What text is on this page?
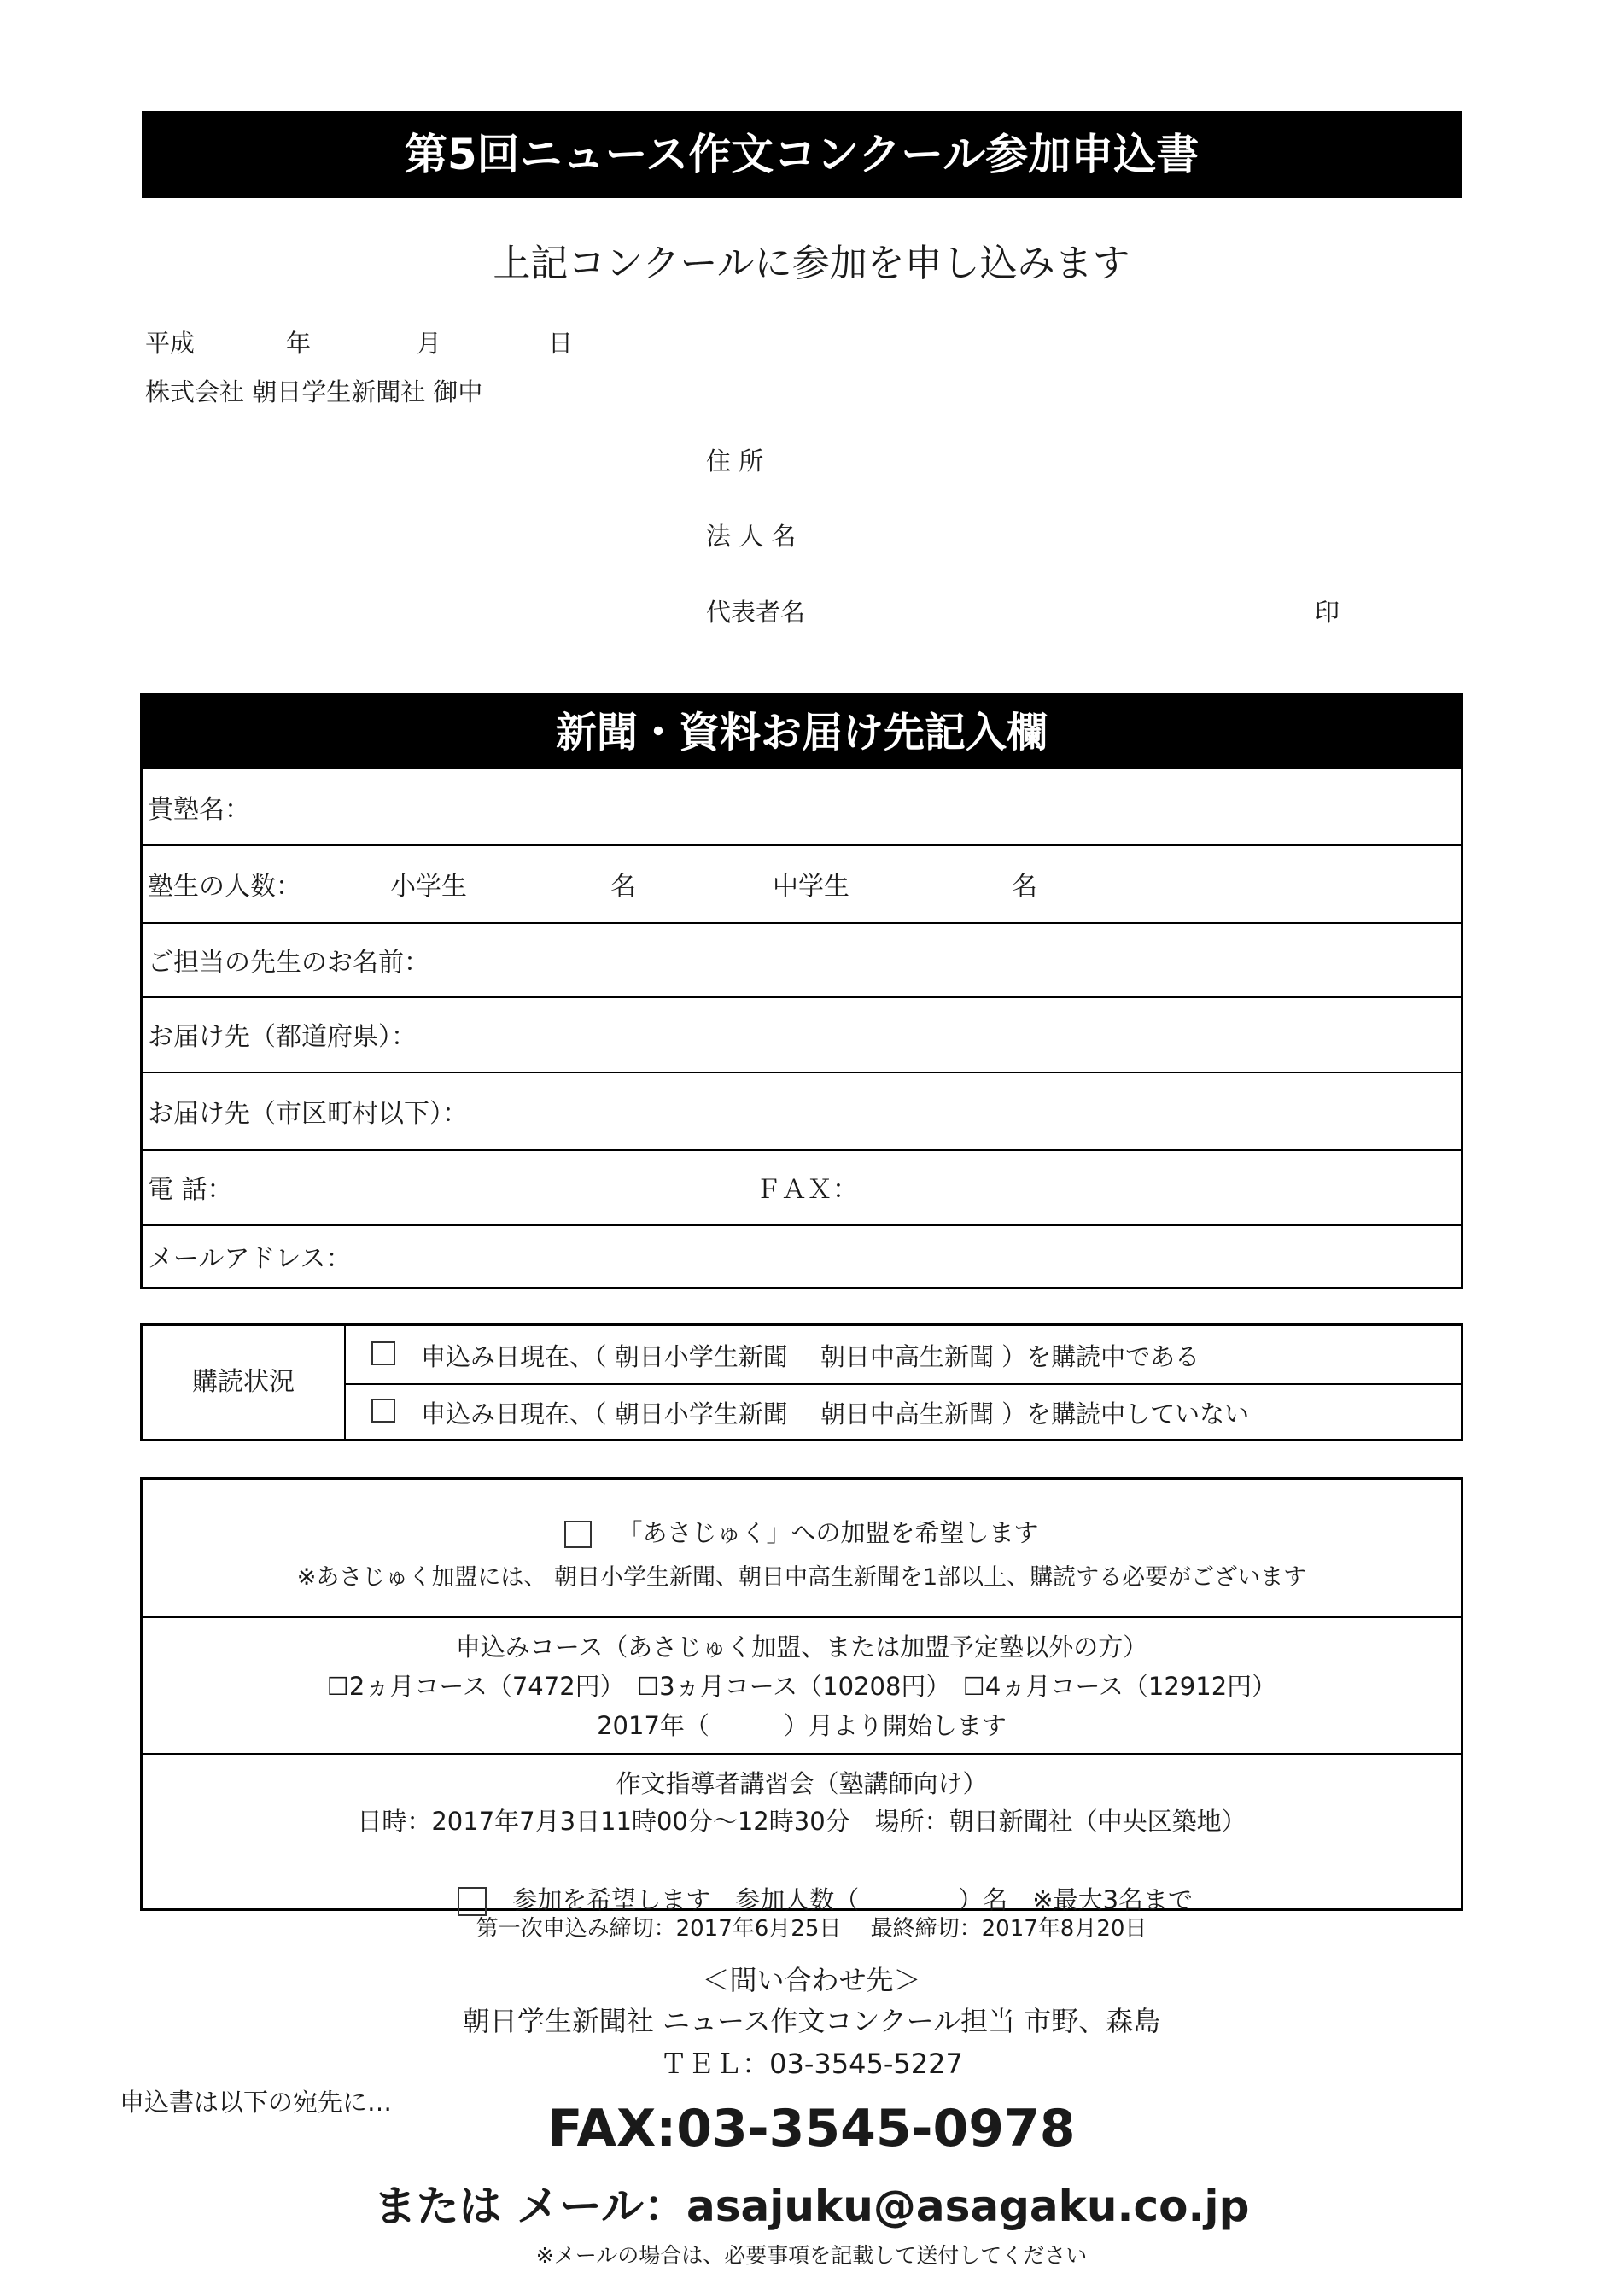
第5回ニュース作文コンクール参加申込書
上記コンクールに参加を申し込みます
平成	年	月	日
株式会社 朝日学生新聞社 御中
住 所
法 人 名
代表者名	印
新聞・資料お届け先記入欄
貴塾名：
塾生の人数：	小学生	名	中学生	名
ご担当の先生のお名前：
お届け先（都道府県）：
お届け先（市区町村以下）：
電 話：	ＦＡＸ：
メールアドレス：
購読状況
申込み日現在、（ 朝日小学生新聞　 朝日中高生新聞 ）を購読中である
申込み日現在、（ 朝日小学生新聞　 朝日中高生新聞 ）を購読中していない
「あさじゅく」への加盟を希望します
※あさじゅく加盟には、 朝日小学生新聞、朝日中高生新聞を1部以上、購読する必要がございます
申込みコース（あさじゅく加盟、または加盟予定塾以外の方）
☐2ヵ月コース（7472円）　☐3ヵ月コース（10208円）　☐4ヵ月コース（12912円）
2017年（　　　）月より開始します
作文指導者講習会（塾講師向け）
日時：2017年7月3日11時00分～12時30分　場所：朝日新聞社（中央区築地）

参加を希望します　参加人数（　　　　）名　※最大3名まで

第一次申込み締切：2017年6月25日　 最終締切：2017年8月20日
＜問い合わせ先＞
朝日学生新聞社 ニュース作文コンクール担当 市野、森島
ＴＥＬ：03-3545-5227
申込書は以下の宛先に…	FAX:03-3545-0978
または メール：asajuku@asagaku.co.jp
※メールの場合は、必要事項を記載して送付してください
